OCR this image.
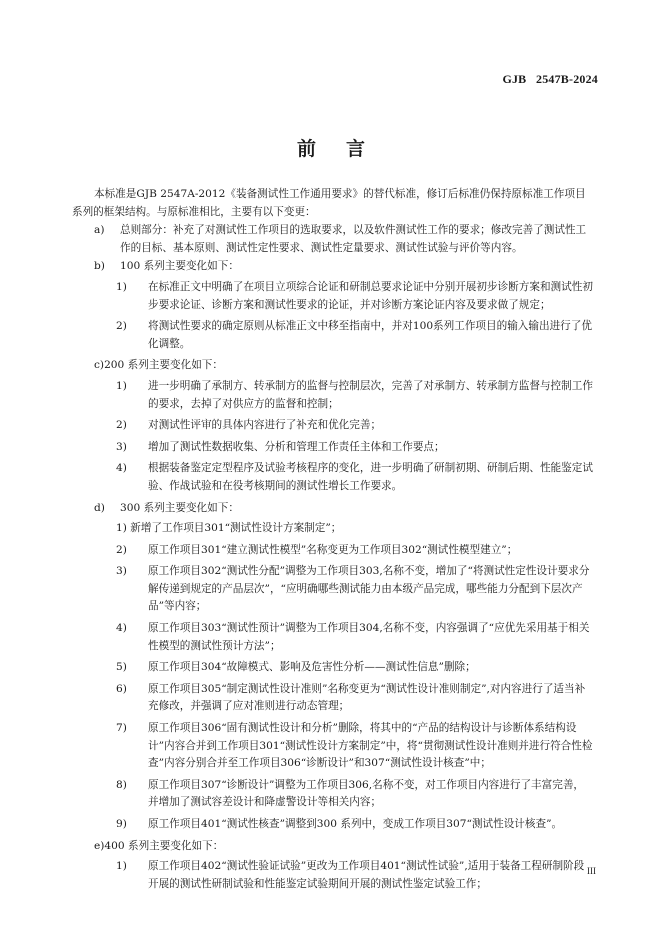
GJB   2547B-2024
前言

本标准是GJB 2547A-2012《装备测试性工作通用要求》的替代标准，修订后标准仍保持原标准工作项目系列的框架结构。与原标准相比，主要有以下变更：

a)	总则部分：补充了对测试性工作项目的选取要求，以及软件测试性工作的要求；修改完善了测试性工作的目标、基本原则、测试性定性要求、测试性定量要求、测试性试验与评价等内容。
b)	100 系列主要变化如下：
1)	在标准正文中明确了在项目立项综合论证和研制总要求论证中分别开展初步诊断方案和测试性初步要求论证、诊断方案和测试性要求的论证，并对诊断方案论证内容及要求做了规定；
2)	将测试性要求的确定原则从标准正文中移至指南中，并对100系列工作项目的输入输出进行了优化调整。
c)200 系列主要变化如下：
1)	进一步明确了承制方、转承制方的监督与控制层次，完善了对承制方、转承制方监督与控制工作的要求，去掉了对供应方的监督和控制；
2)	对测试性评审的具体内容进行了补充和优化完善；
3)	增加了测试性数据收集、分析和管理工作责任主体和工作要点；
4)	根据装备鉴定定型程序及试验考核程序的变化，进一步明确了研制初期、研制后期、性能鉴定试验、作战试验和在役考核期间的测试性增长工作要求。
d)	300 系列主要变化如下：
1) 新增了工作项目301“测试性设计方案制定”；
2)	原工作项目301“建立测试性模型”名称变更为工作项目302“测试性模型建立”；
3)	原工作项目302“测试性分配”调整为工作项目303,名称不变，增加了“将测试性定性设计要求分解传递到规定的产品层次”，“应明确哪些测试能力由本级产品完成，哪些能力分配到下层次产品”等内容；
4)	原工作项目303“测试性预计”调整为工作项目304,名称不变，内容强调了“应优先采用基于相关性模型的测试性预计方法”；
5)	原工作项目304“故障模式、影响及危害性分析——测试性信息”删除；
6)	原工作项目305“制定测试性设计准则”名称变更为“测试性设计准则制定”,对内容进行了适当补充修改，并强调了应对准则进行动态管理；
7)	原工作项目306“固有测试性设计和分析”删除，将其中的“产品的结构设计与诊断体系结构设计”内容合并到工作项目301“测试性设计方案制定”中，将“贯彻测试性设计准则并进行符合性检查”内容分别合并至工作项目306“诊断设计”和307“测试性设计核查”中；
8)	原工作项目307“诊断设计”调整为工作项目306,名称不变，对工作项目内容进行了丰富完善，并增加了测试容差设计和降虚警设计等相关内容；
9)	原工作项目401“测试性核查”调整到300 系列中，变成工作项目307“测试性设计核查”。
e)400 系列主要变化如下：
1)	原工作项目402“测试性验证试验”更改为工作项目401“测试性试验”,适用于装备工程研制阶段开展的测试性研制试验和性能鉴定试验期间开展的测试性鉴定试验工作；
III
